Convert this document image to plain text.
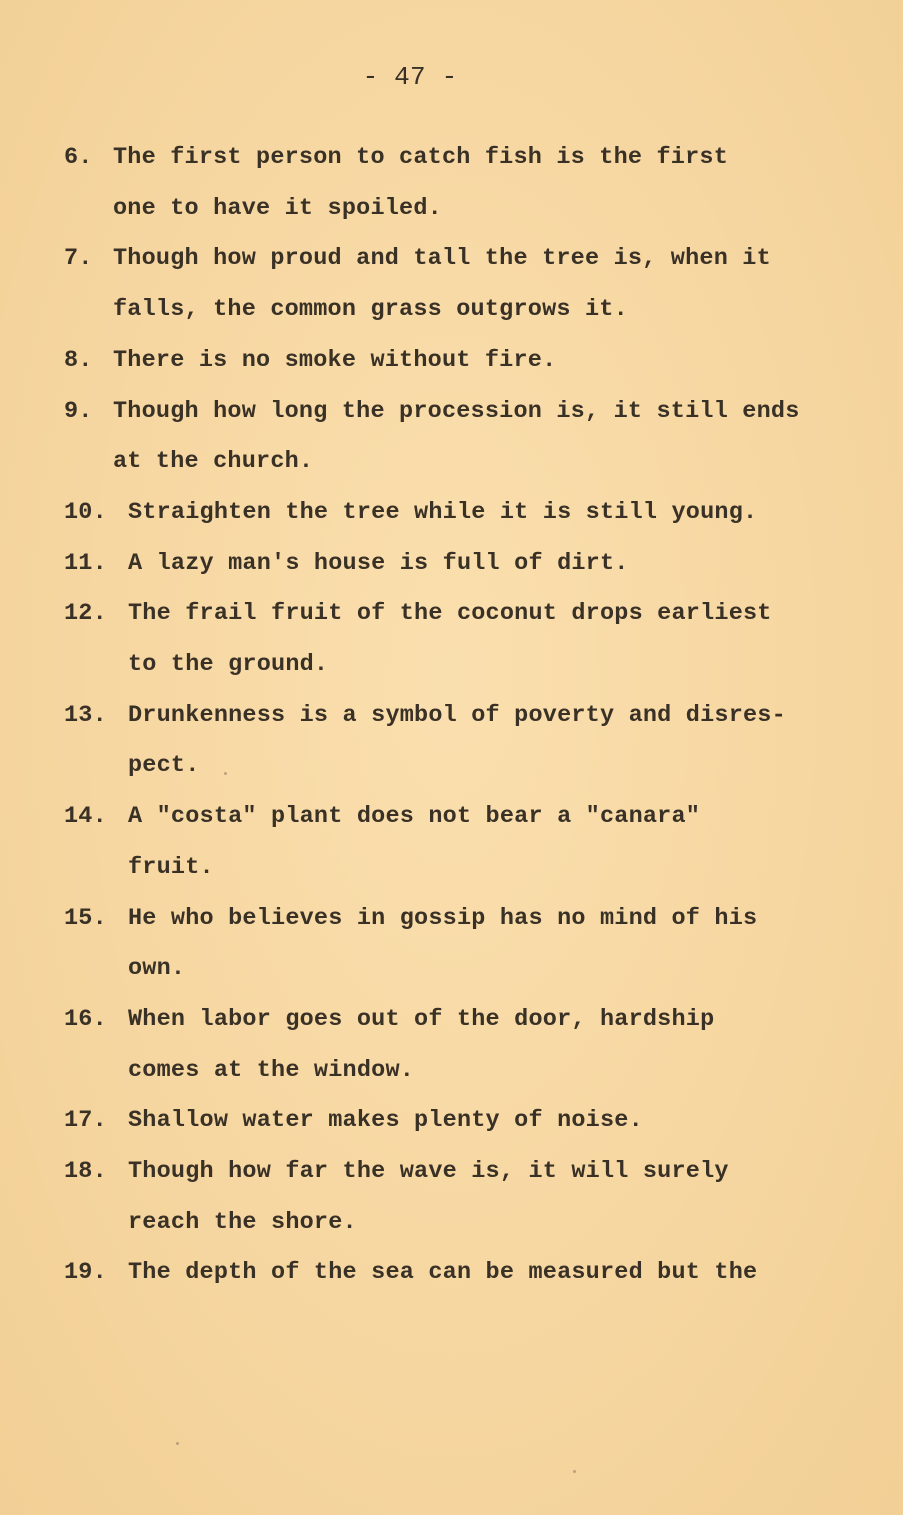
- 47 -
6. The first person to catch fish is the first
one to have it spoiled.
7. Though how proud and tall the tree is, when it
falls, the common grass outgrows it.
8. There is no smoke without fire.
9. Though how long the procession is, it still ends
at the church.
10. Straighten the tree while it is still young.
11. A lazy man's house is full of dirt.
12. The frail fruit of the coconut drops earliest
to the ground.
13. Drunkenness is a symbol of poverty and disres-
pect.
14. A "costa" plant does not bear a "canara"
fruit.
15. He who believes in gossip has no mind of his
own.
16. When labor goes out of the door, hardship
comes at the window.
17. Shallow water makes plenty of noise.
18. Though how far the wave is, it will surely
reach the shore.
19. The depth of the sea can be measured but the
